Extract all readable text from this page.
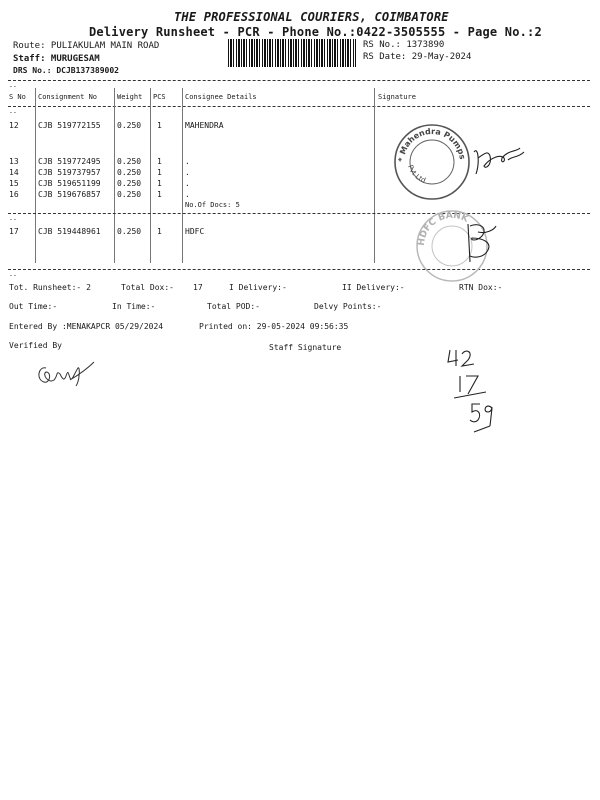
THE PROFESSIONAL COURIERS, COIMBATORE
Delivery Runsheet - PCR - Phone No.:0422-3505555 - Page No.:2
Route: PULIAKULAM MAIN ROAD
Staff: MURUGESAM
DRS No.: DCJB137389002
RS No.: 1373890
RS Date: 29-May-2024
--
S No Consignment No	Weight PCS	Consignee Details	Signature
--
12 CJB 519772155 0.250 1	MAHENDRA
13 CJB 519772495 0.250 1	.
14 CJB 519737957 0.250 1	.
15 CJB 519651199 0.250 1	.
16 CJB 519676857 0.250 1	.
No.Of Docs: 5
--
17 CJB 519448961 0.250 1	HDFC
--
* Mahendra Pumps
Pvt Ltd
HDFC BANK
Tot. Runsheet:- 2	Total Dox:- 17	I Delivery:-	II Delivery:-	RTN Dox:-
Out Time:-	In Time:-	Total POD:-	Delvy Points:-
Entered By :MENAKAPCR 05/29/2024	Printed on: 29-05-2024 09:56:35
Verified By	Staff Signature
